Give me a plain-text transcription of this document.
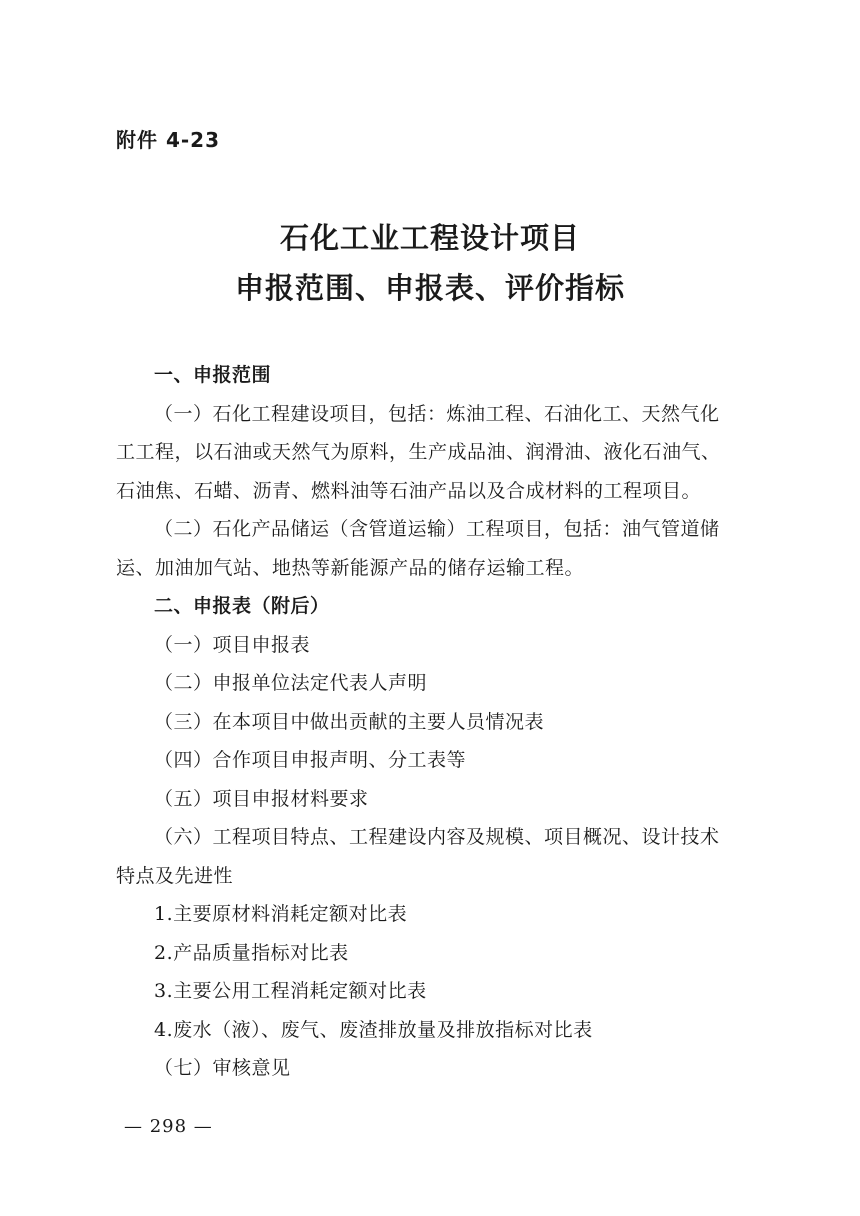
附件 4-23
石化工业工程设计项目
申报范围、申报表、评价指标
一、申报范围
（一）石化工程建设项目，包括：炼油工程、石油化工、天然气化
工工程，以石油或天然气为原料，生产成品油、润滑油、液化石油气、
石油焦、石蜡、沥青、燃料油等石油产品以及合成材料的工程项目。
（二）石化产品储运（含管道运输）工程项目，包括：油气管道储
运、加油加气站、地热等新能源产品的储存运输工程。
二、申报表（附后）
（一）项目申报表
（二）申报单位法定代表人声明
（三）在本项目中做出贡献的主要人员情况表
（四）合作项目申报声明、分工表等
（五）项目申报材料要求
（六）工程项目特点、工程建设内容及规模、项目概况、设计技术
特点及先进性
1.主要原材料消耗定额对比表
2.产品质量指标对比表
3.主要公用工程消耗定额对比表
4.废水（液）、废气、废渣排放量及排放指标对比表
（七）审核意见
— 298 —
